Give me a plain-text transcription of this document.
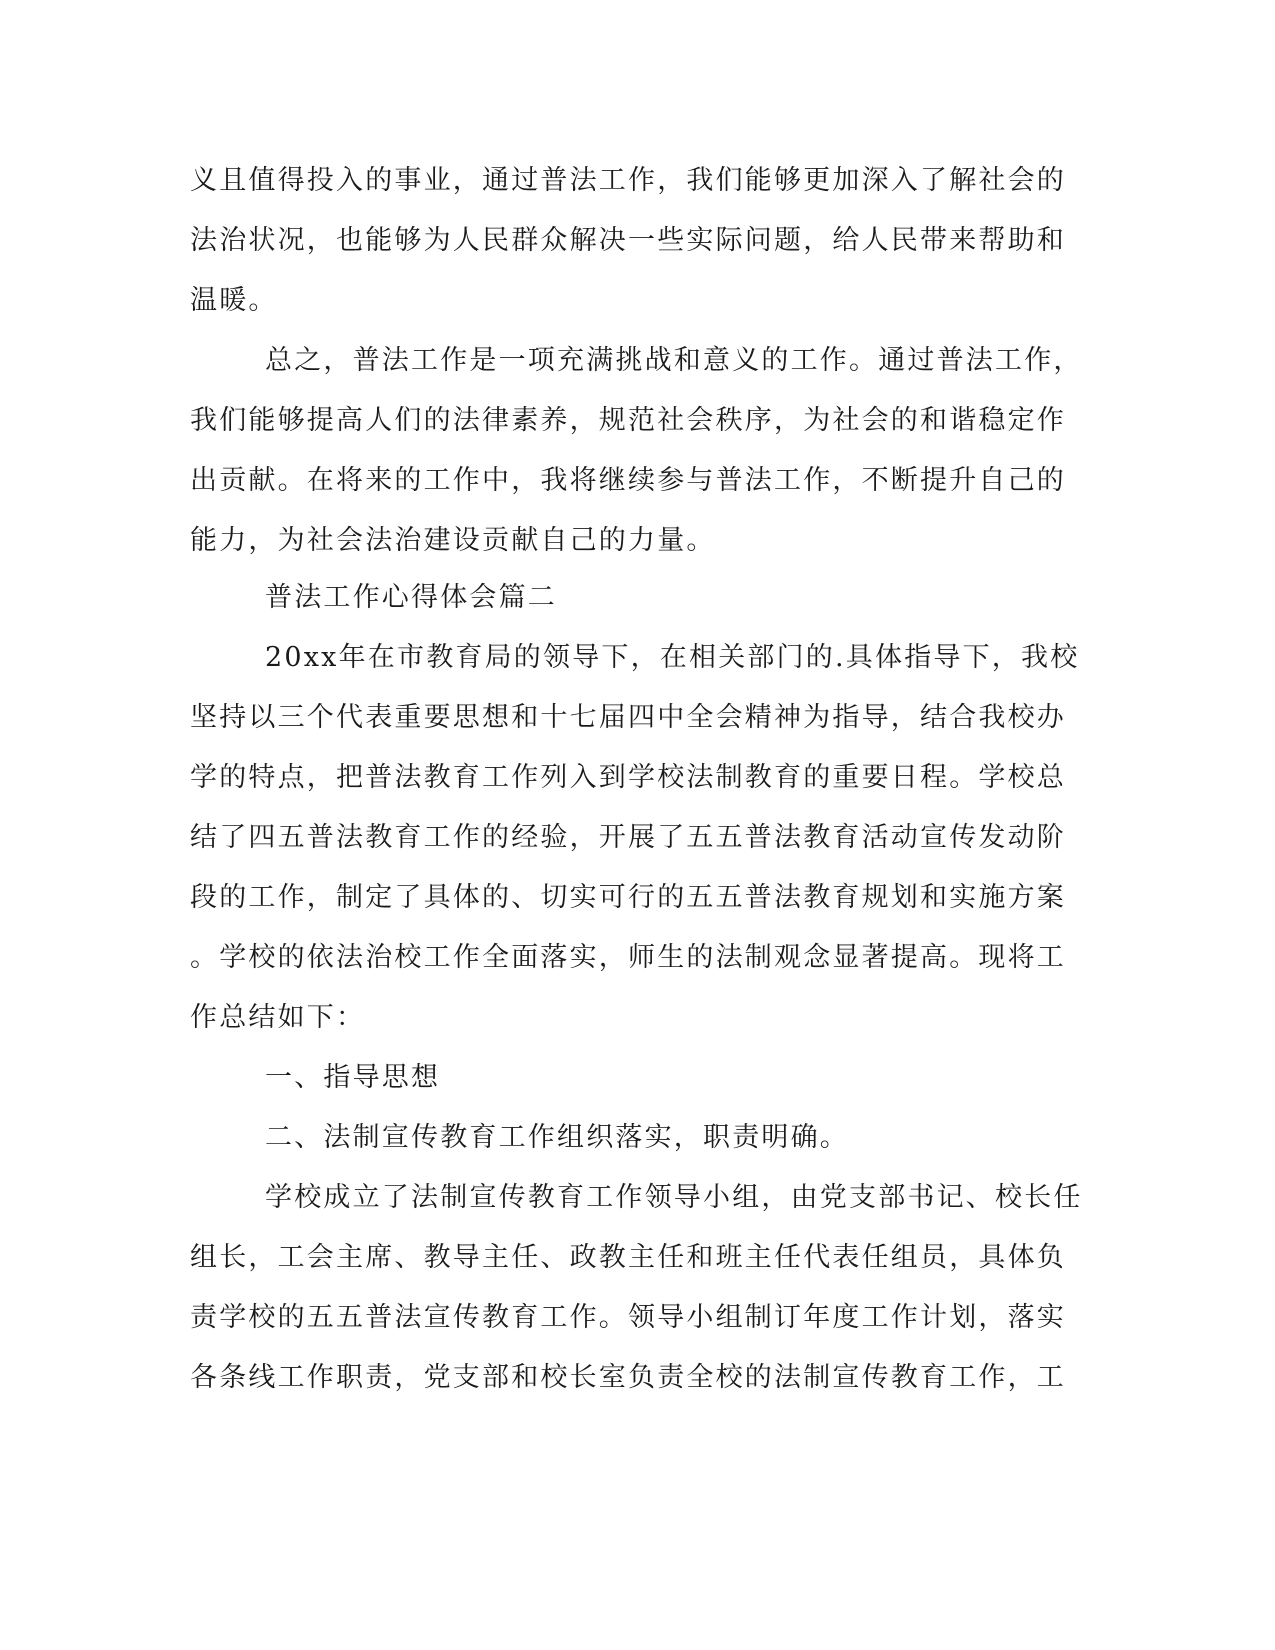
义且值得投入的事业，通过普法工作，我们能够更加深入了解社会的
法治状况，也能够为人民群众解决一些实际问题，给人民带来帮助和
温暖。
总之，普法工作是一项充满挑战和意义的工作。通过普法工作，
我们能够提高人们的法律素养，规范社会秩序，为社会的和谐稳定作
出贡献。在将来的工作中，我将继续参与普法工作，不断提升自己的
能力，为社会法治建设贡献自己的力量。
普法工作心得体会篇二
20xx年在市教育局的领导下，在相关部门的.具体指导下，我校
坚持以三个代表重要思想和十七届四中全会精神为指导，结合我校办
学的特点，把普法教育工作列入到学校法制教育的重要日程。学校总
结了四五普法教育工作的经验，开展了五五普法教育活动宣传发动阶
段的工作，制定了具体的、切实可行的五五普法教育规划和实施方案
。学校的依法治校工作全面落实，师生的法制观念显著提高。现将工
作总结如下：
一、指导思想
二、法制宣传教育工作组织落实，职责明确。
学校成立了法制宣传教育工作领导小组，由党支部书记、校长任
组长，工会主席、教导主任、政教主任和班主任代表任组员，具体负
责学校的五五普法宣传教育工作。领导小组制订年度工作计划，落实
各条线工作职责，党支部和校长室负责全校的法制宣传教育工作，工
